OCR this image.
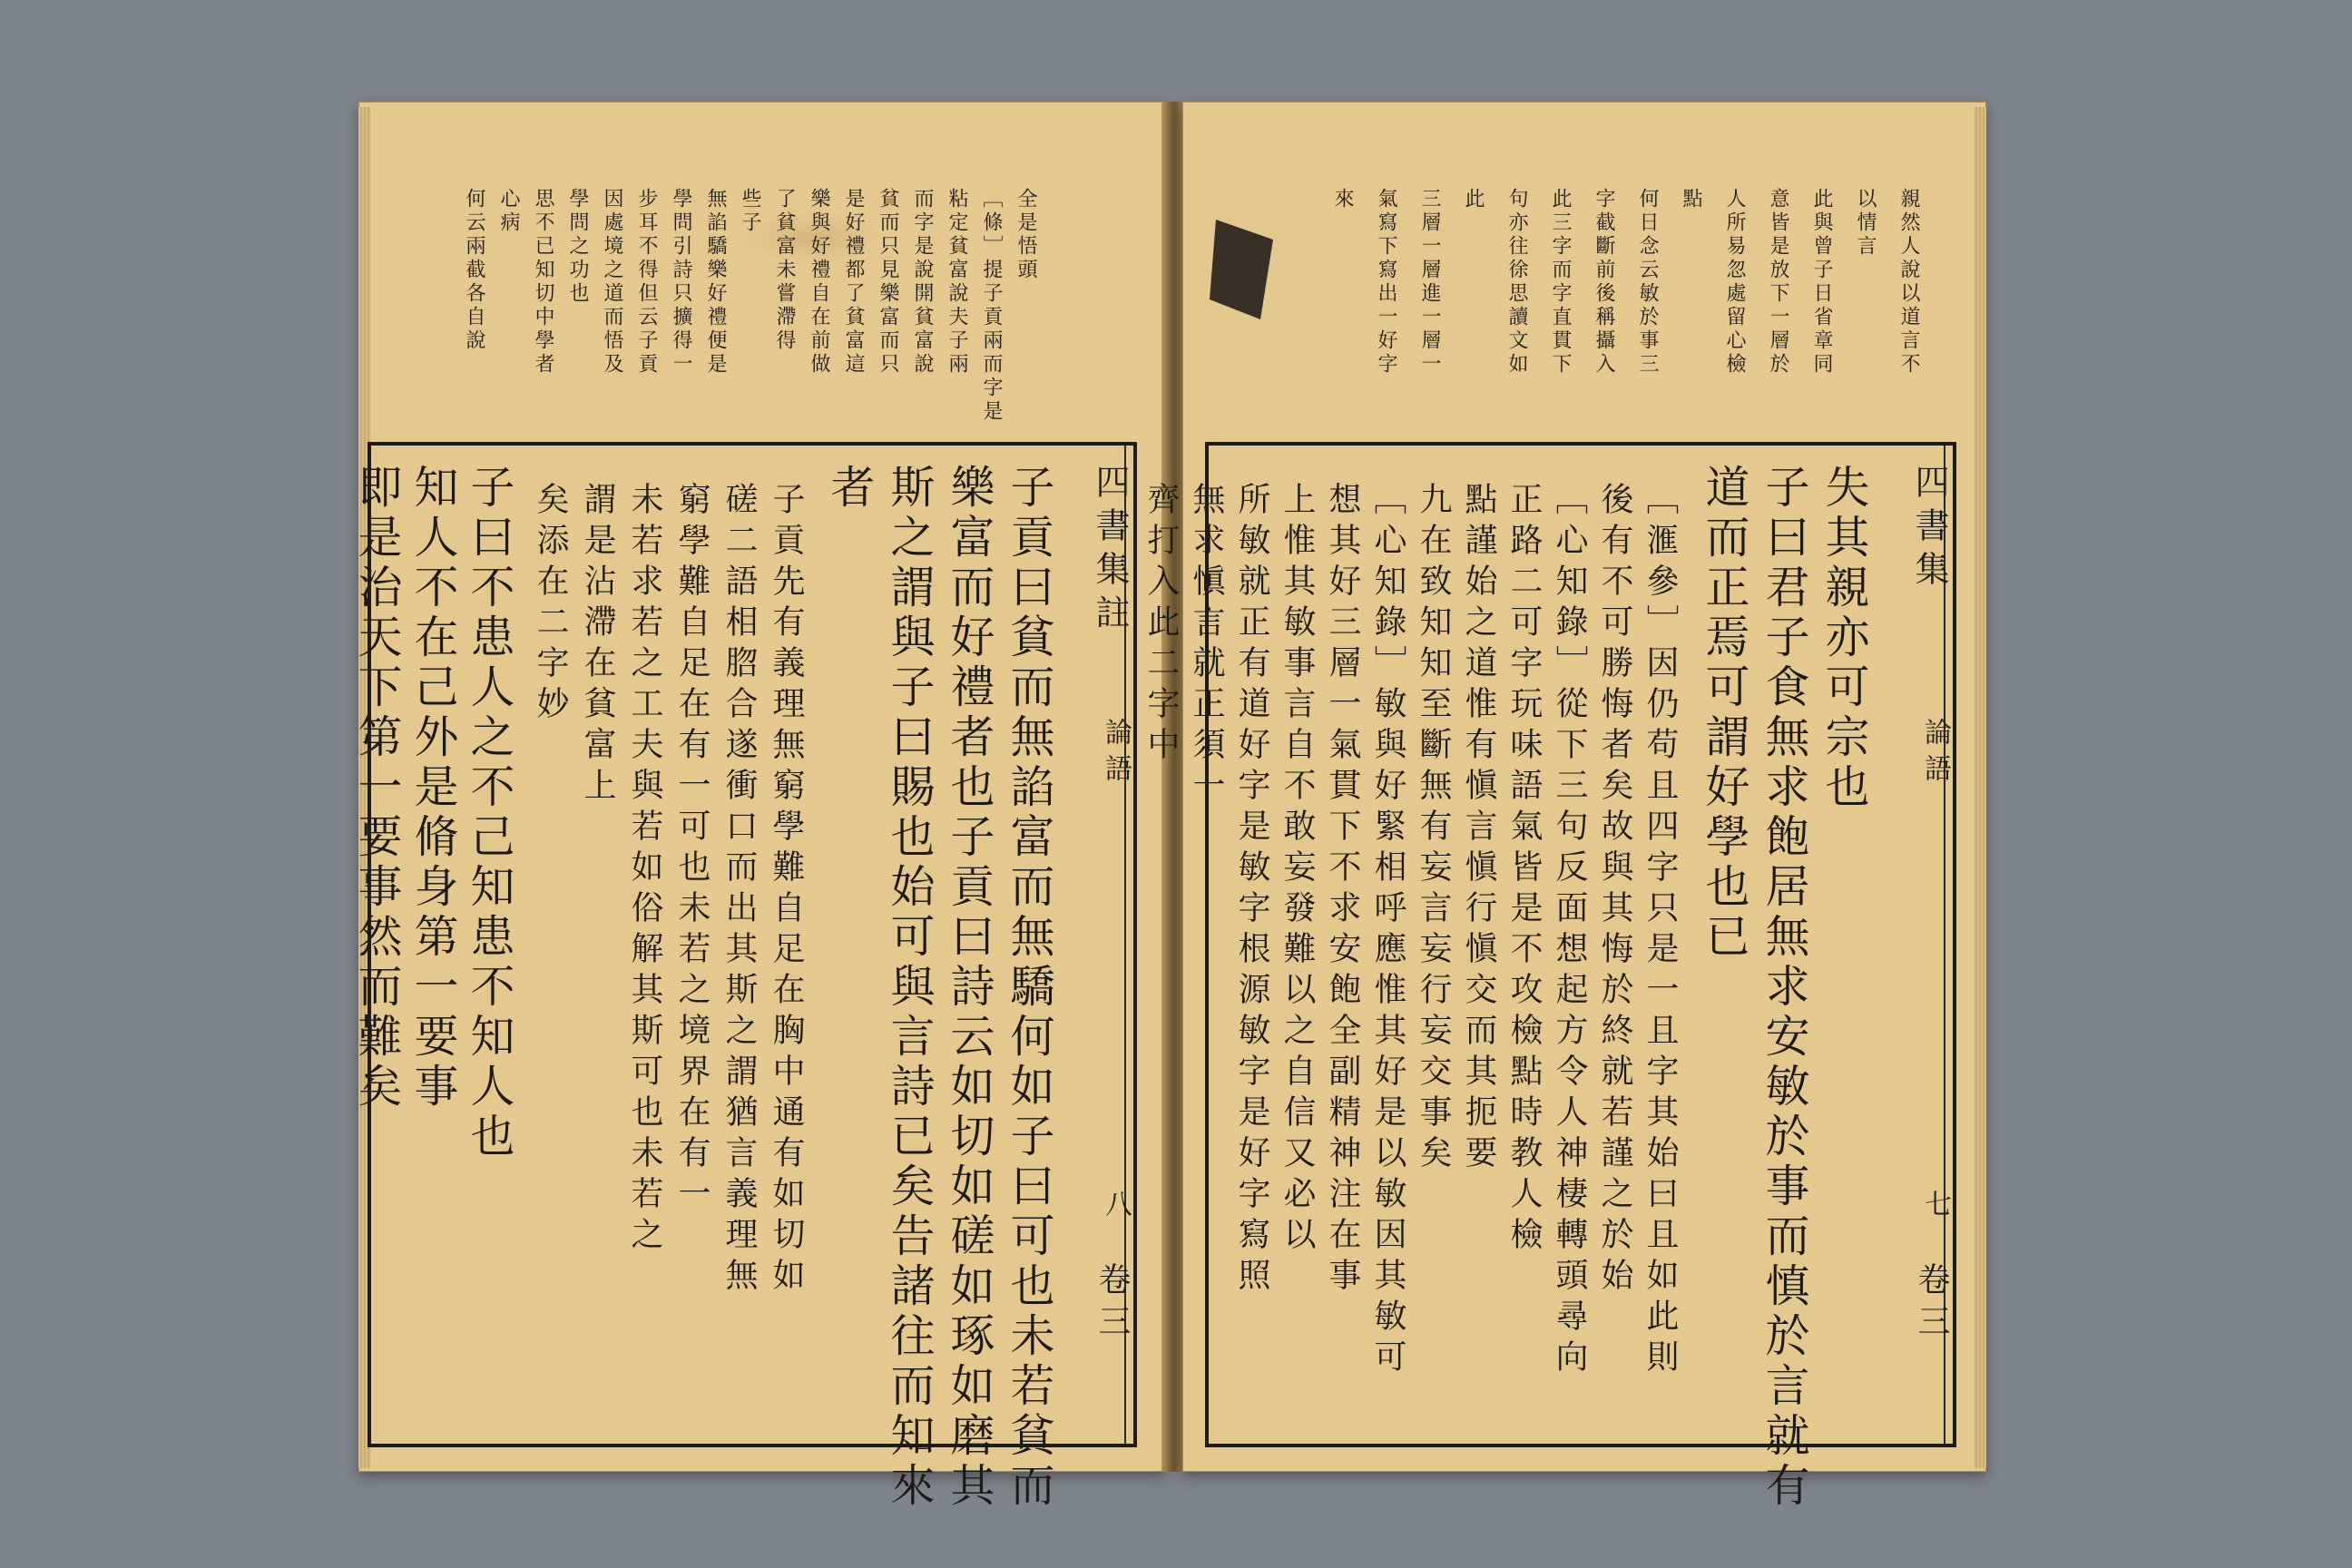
全是悟頭
［條］提子貢兩而字是
粘定貧富說夫子兩
而字是說開貧富說
貧而只見樂富而只
是好禮都了貧富這
樂與好禮自在前做
了貧富未嘗滯得
些子
無諂驕樂好禮便是
學問引詩只擴得一
步耳不得但云子貢
因處境之道而悟及
學問之功也
思不已知切中學者
心病
何云兩截各自說
四書集註
論語
八
卷三
子貢曰貧而無諂富而無驕何如子曰可也未若貧而
樂富而好禮者也子貢曰詩云如切如磋如琢如磨其
斯之謂與子曰賜也始可與言詩已矣告諸往而知來
者
子貢先有義理無窮學難自足在胸中通有如切如
磋二語相脗合遂衝口而出其斯之謂猶言義理無
窮學難自足在有一可也未若之境界在有一
未若求若之工夫與若如俗解其斯可也未若之
謂是沾滯在貧富上
矣添在二字妙
子曰不患人之不己知患不知人也
知人不在己外是脩身第一要事
即是治天下第一要事然而難矣
親然人說以道言不
以情言
此與曾子日省章同
意皆是放下一層於
人所易忽處留心檢
點
何日念云敏於事三
字截斷前後稱攝入
此三字而字直貫下
句亦往徐思讀文如
此
三層一層進一層一
氣寫下寫出一好字
來
四書集
論語
七
卷三
失其親亦可宗也
子曰君子食無求飽居無求安敏於事而慎於言就有
道而正焉可謂好學也已
［滙參］因仍苟且四字只是一且字其始曰且如此則
後有不可勝悔者矣故與其悔於終就若謹之於始
［心知錄］從下三句反面想起方令人神棲轉頭尋向
正路二可字玩味語氣皆是不攻檢點時教人檢
點謹始之道惟有愼言愼行愼交而其扼要
九在致知知至斷無有妄言妄行妄交事矣
［心知錄］敏與好緊相呼應惟其好是以敏因其敏可
想其好三層一氣貫下不求安飽全副精神注在事
上惟其敏事言自不敢妄發難以之自信又必以
所敏就正有道好字是敏字根源敏字是好字寫照
無求愼言就正須一
齊打入此二字中
